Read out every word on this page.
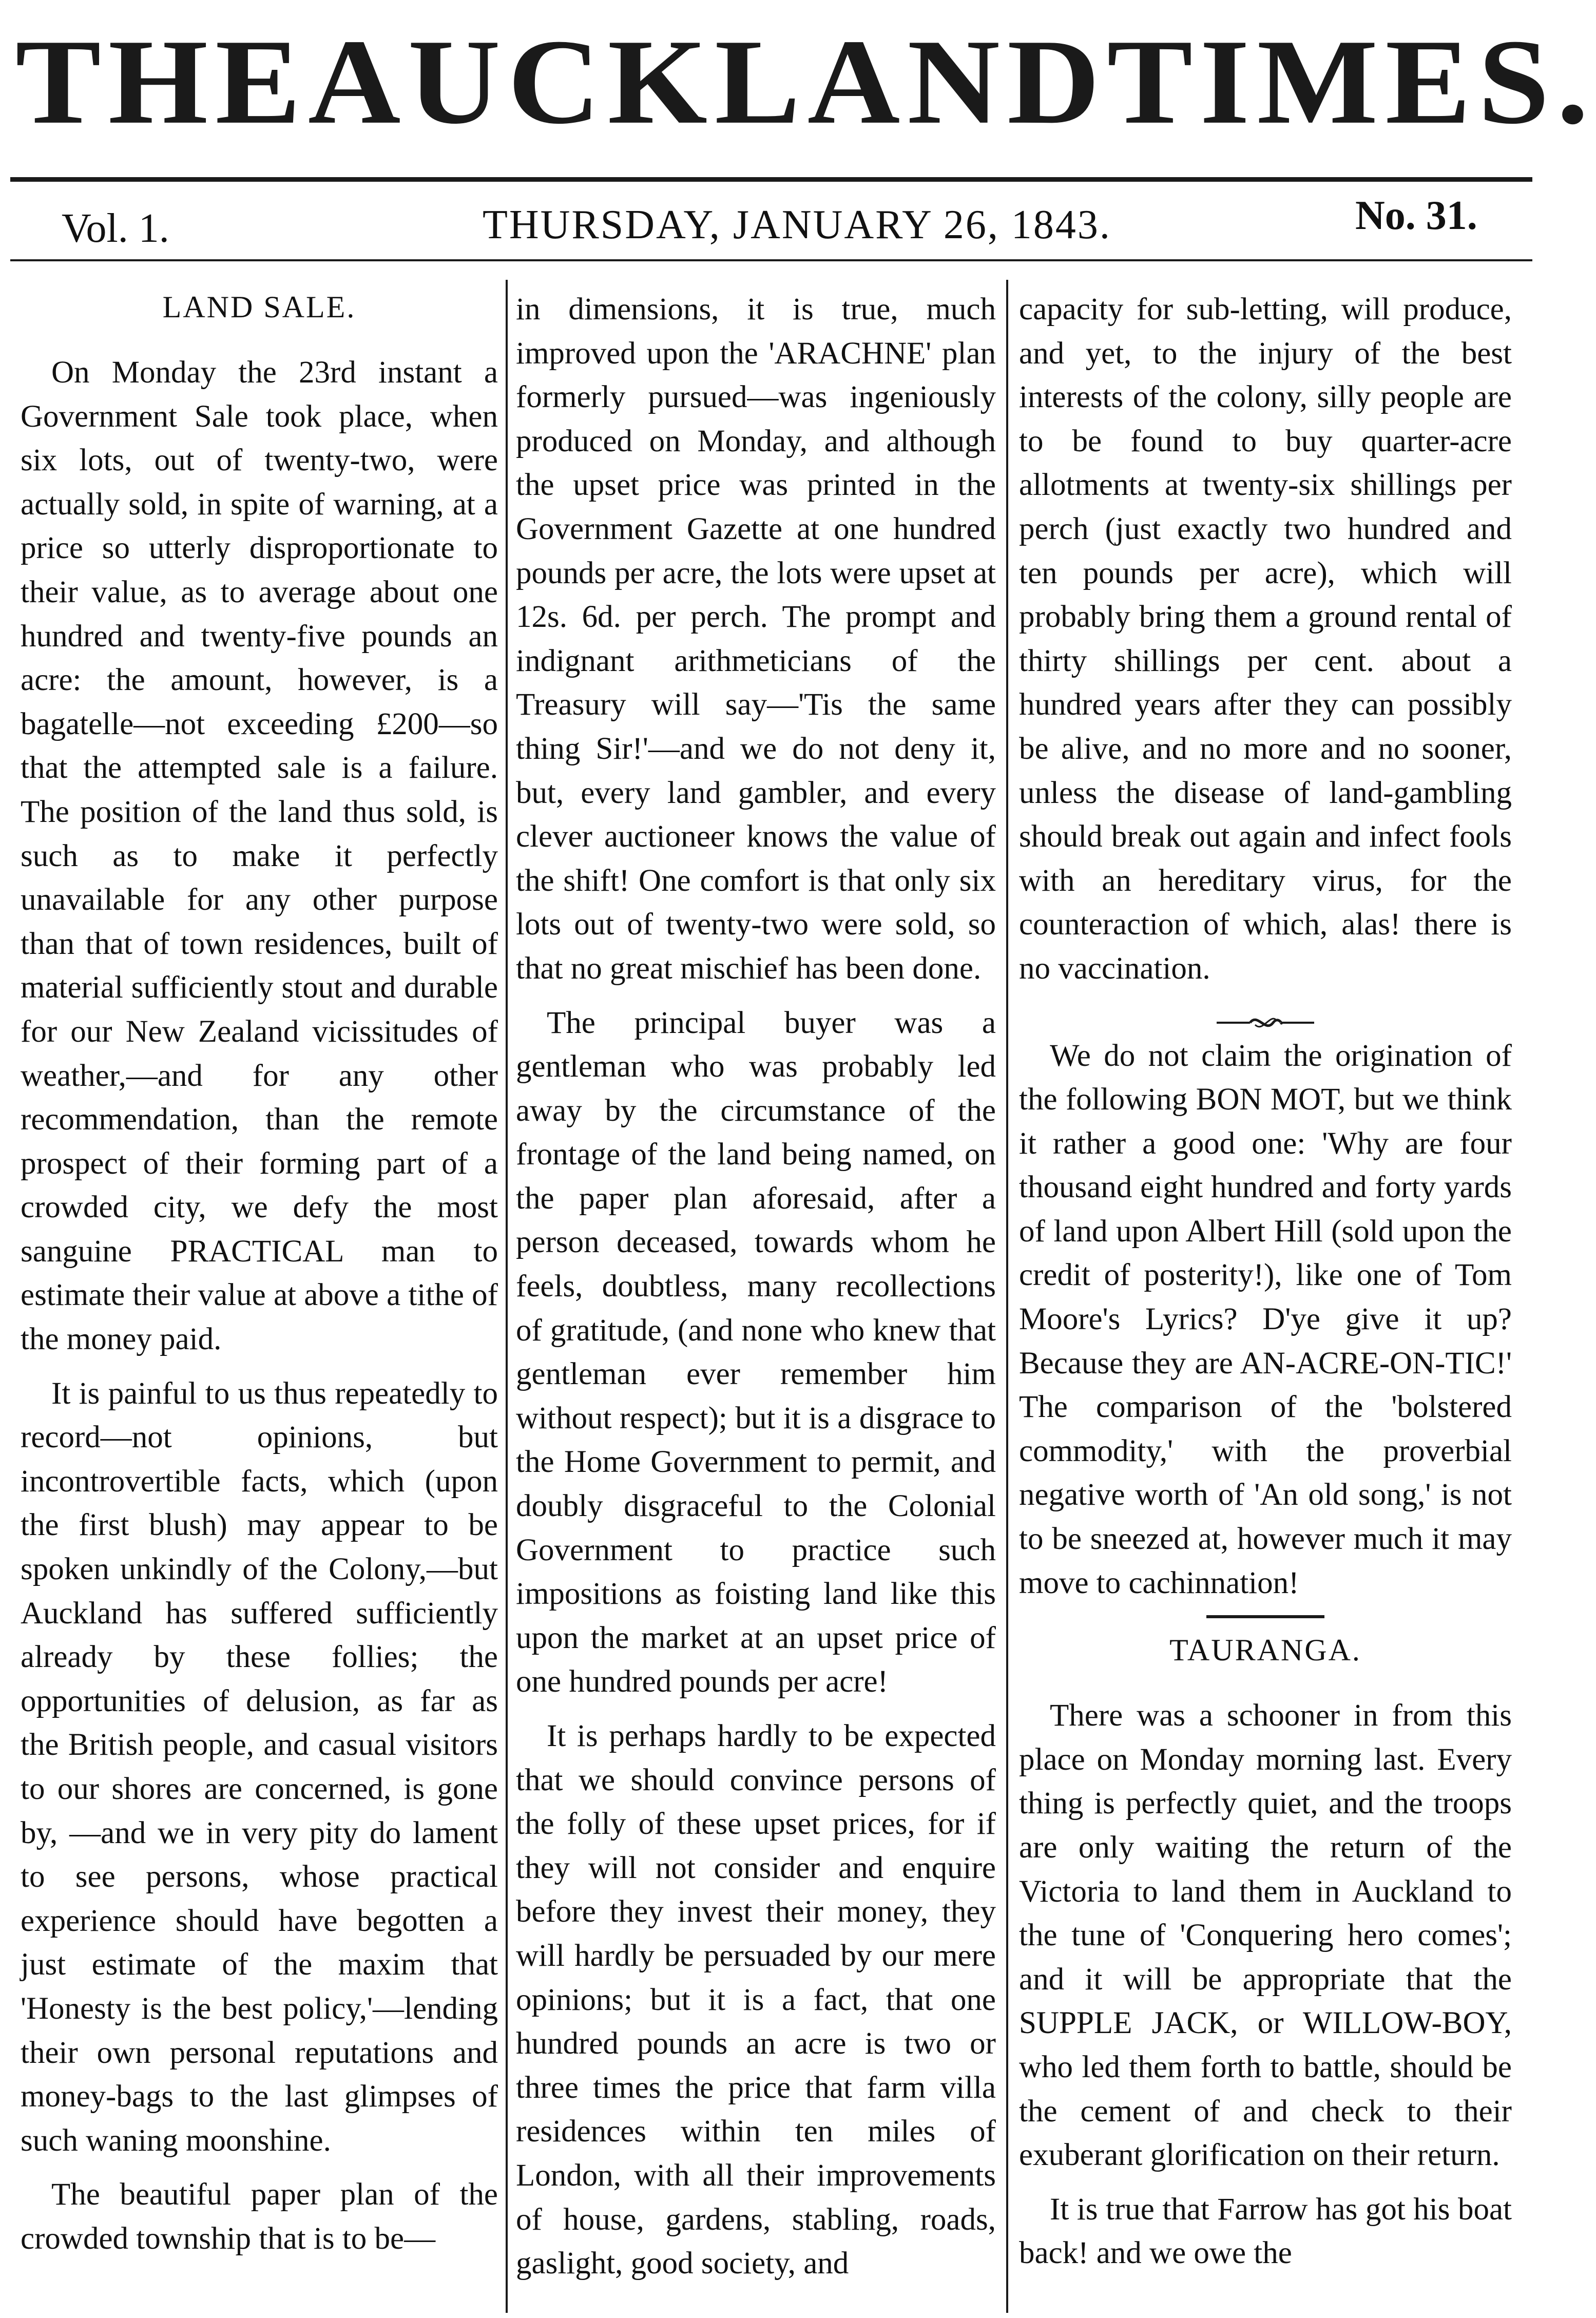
THE AUCKLAND TIMES.
Vol. 1.	THURSDAY, JANUARY 26, 1843.	No. 31.
LAND SALE.

On Monday the 23rd instant a Government Sale took place, when six lots, out of twenty-two, were actually sold, in spite of warning, at a price so utterly disproportionate to their value, as to average about one hundred and twenty-five pounds an acre: the amount, however, is a bagatelle—not exceeding £200—so that the attempted sale is a failure. The position of the land thus sold, is such as to make it perfectly unavailable for any other purpose than that of town residences, built of material sufficiently stout and durable for our New Zealand vicissitudes of weather,—and for any other recommendation, than the remote prospect of their forming part of a crowded city, we defy the most sanguine PRACTICAL man to estimate their value at above a tithe of the money paid.

It is painful to us thus repeatedly to record—not opinions, but incontrovertible facts, which (upon the first blush) may appear to be spoken unkindly of the Colony,—but Auckland has suffered sufficiently already by these follies; the opportunities of delusion, as far as the British people, and casual visitors to our shores are concerned, is gone by, —and we in very pity do lament to see persons, whose practical experience should have begotten a just estimate of the maxim that 'Honesty is the best policy,'—lending their own personal reputations and money-bags to the last glimpses of such waning moonshine.

The beautiful paper plan of the crowded township that is to be—

in dimensions, it is true, much improved upon the 'ARACHNE' plan formerly pursued—was ingeniously produced on Monday, and although the upset price was printed in the Government Gazette at one hundred pounds per acre, the lots were upset at 12s. 6d. per perch. The prompt and indignant arithmeticians of the Treasury will say—'Tis the same thing Sir!'—and we do not deny it, but, every land gambler, and every clever auctioneer knows the value of the shift! One comfort is that only six lots out of twenty-two were sold, so that no great mischief has been done.

The principal buyer was a gentleman who was probably led away by the circumstance of the frontage of the land being named, on the paper plan aforesaid, after a person deceased, towards whom he feels, doubtless, many recollections of gratitude, (and none who knew that gentleman ever remember him without respect); but it is a disgrace to the Home Government to permit, and doubly disgraceful to the Colonial Government to practice such impositions as foisting land like this upon the market at an upset price of one hundred pounds per acre!

It is perhaps hardly to be expected that we should convince persons of the folly of these upset prices, for if they will not consider and enquire before they invest their money, they will hardly be persuaded by our mere opinions; but it is a fact, that one hundred pounds an acre is two or three times the price that farm villa residences within ten miles of London, with all their improvements of house, gardens, stabling, roads, gaslight, good society, and

capacity for sub-letting, will produce, and yet, to the injury of the best interests of the colony, silly people are to be found to buy quarter-acre allotments at twenty-six shillings per perch (just exactly two hundred and ten pounds per acre), which will probably bring them a ground rental of thirty shillings per cent. about a hundred years after they can possibly be alive, and no more and no sooner, unless the disease of land-gambling should break out again and infect fools with an hereditary virus, for the counteraction of which, alas! there is no vaccination.

We do not claim the origination of the following BON MOT, but we think it rather a good one: 'Why are four thousand eight hundred and forty yards of land upon Albert Hill (sold upon the credit of posterity!), like one of Tom Moore's Lyrics? D'ye give it up? Because they are AN-ACRE-ON-TIC!' The comparison of the 'bolstered commodity,' with the proverbial negative worth of 'An old song,' is not to be sneezed at, however much it may move to cachinnation!

TAURANGA.

There was a schooner in from this place on Monday morning last. Every thing is perfectly quiet, and the troops are only waiting the return of the Victoria to land them in Auckland to the tune of 'Conquering hero comes'; and it will be appropriate that the SUPPLE JACK, or WILLOW-BOY, who led them forth to battle, should be the cement of and check to their exuberant glorification on their return.

It is true that Farrow has got his boat back! and we owe the
